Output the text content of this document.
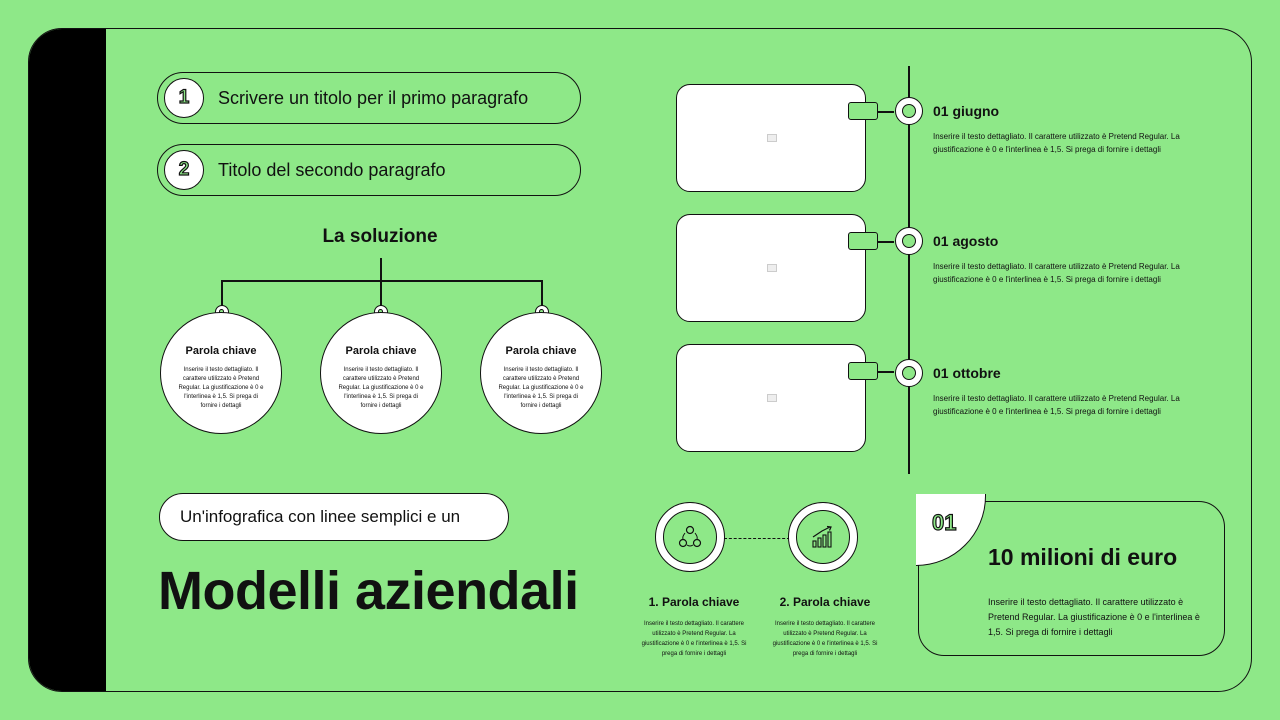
1	Scrivere un titolo per il primo paragrafo
2	Titolo del secondo paragrafo
La soluzione
Parola chiave
Inserire il testo dettagliato. Il carattere utilizzato è Pretend Regular. La giustificazione è 0 e l'interlinea è 1,5. Si prega di fornire i dettagli
Parola chiave
Inserire il testo dettagliato. Il carattere utilizzato è Pretend Regular. La giustificazione è 0 e l'interlinea è 1,5. Si prega di fornire i dettagli
Parola chiave
Inserire il testo dettagliato. Il carattere utilizzato è Pretend Regular. La giustificazione è 0 e l'interlinea è 1,5. Si prega di fornire i dettagli
01 giugno
Inserire il testo dettagliato. Il carattere utilizzato è Pretend Regular. La giustificazione è 0 e l'interlinea è 1,5. Si prega di fornire i dettagli
01 agosto
Inserire il testo dettagliato. Il carattere utilizzato è Pretend Regular. La giustificazione è 0 e l'interlinea è 1,5. Si prega di fornire i dettagli
01 ottobre
Inserire il testo dettagliato. Il carattere utilizzato è Pretend Regular. La giustificazione è 0 e l'interlinea è 1,5. Si prega di fornire i dettagli
Un'infografica con linee semplici e un
Modelli aziendali	1. Parola chiave
Inserire il testo dettagliato. Il carattere utilizzato è Pretend Regular. La giustificazione è 0 e l'interlinea è 1,5. Si prega di fornire i dettagli
2. Parola chiave
Inserire il testo dettagliato. Il carattere utilizzato è Pretend Regular. La giustificazione è 0 e l'interlinea è 1,5. Si prega di fornire i dettagli
01
10 milioni di euro
Inserire il testo dettagliato. Il carattere utilizzato è Pretend Regular. La giustificazione è 0 e l'interlinea è 1,5. Si prega di fornire i dettagli
